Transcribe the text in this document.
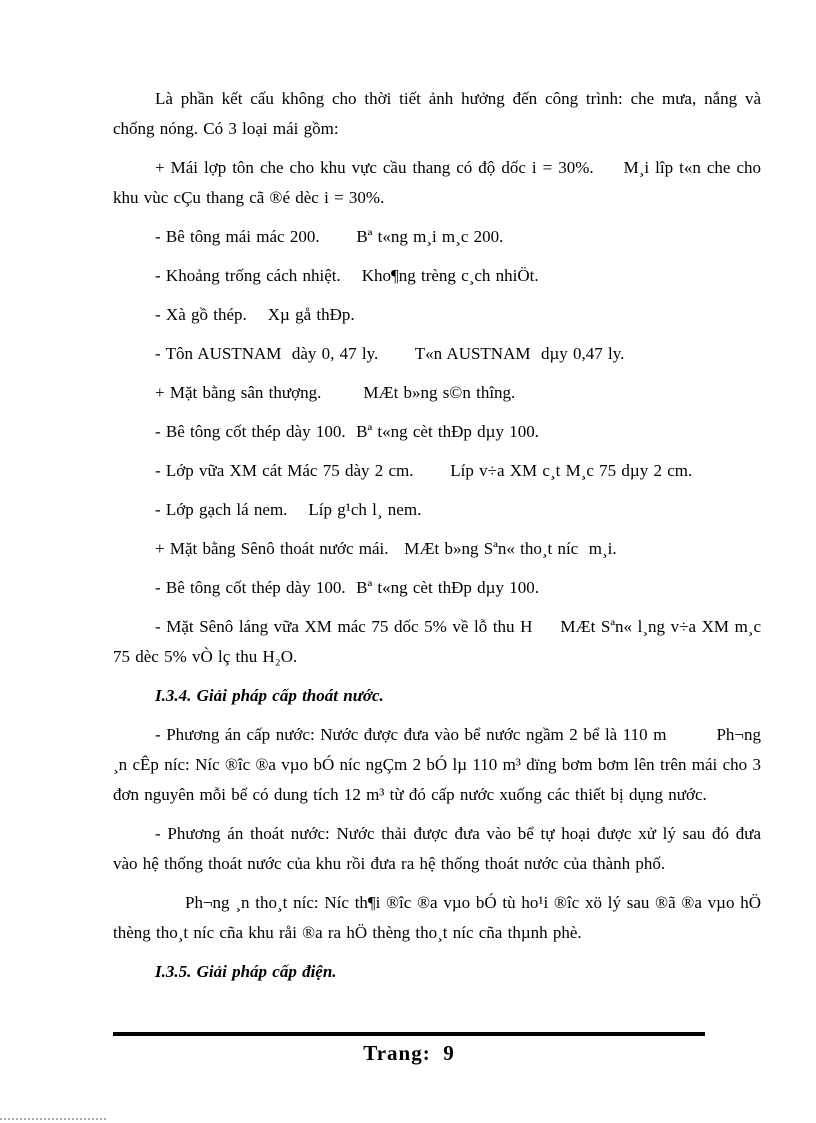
Là phần kết cấu không cho thời tiết ảnh hưởng đến công trình: che mưa, nắng và chống nóng. Có 3 loại mái gồm:

+ Mái lợp tôn che cho khu vực cầu thang có độ dốc i = 30%.     M¸i lîp t«n che cho khu vùc cÇu thang cã ®é dèc i = 30%.

- Bê tông mái mác 200.       Bª t«ng m¸i m¸c 200.

- Khoảng trống cách nhiệt.    Kho¶ng trèng c¸ch nhiÖt.

- Xà gồ thép.    Xµ gå thÐp.

- Tôn AUSTNAM  dày 0, 47 ly.       T«n AUSTNAM  dµy 0,47 ly.

+ Mặt bằng sân thượng.        MÆt b»ng s©n thîng.

- Bê tông cốt thép dày 100.  Bª t«ng cèt thÐp dµy 100.

- Lớp vữa XM cát Mác 75 dày 2 cm.       Líp v÷a XM c¸t M¸c 75 dµy 2 cm.

- Lớp gạch lá nem.    Líp g¹ch l¸ nem.

+ Mặt bằng Sênô thoát nước mái.   MÆt b»ng Sªn« tho¸t níc  m¸i.

- Bê tông cốt thép dày 100.  Bª t«ng cèt thÐp dµy 100.

- Mặt Sênô láng vữa XM mác 75 dốc 5% về lỗ thu H     MÆt Sªn« l¸ng v÷a XM m¸c 75 dèc 5% vÒ lç thu H₂O.

I.3.4. Giải pháp cấp thoát nước.

- Phương án cấp nước: Nước được đưa vào bể nước ngầm 2 bể là 110 m         Ph¬ng ¸n cÊp níc: Níc ®îc ®a vµo bÓ níc ngÇm 2 bÓ lµ 110 m³ dïng bơm bơm lên trên mái cho 3 đơn nguyên mỗi bể có dung tích 12 m³ từ đó cấp nước xuống các thiết bị dụng nước.

- Phương án thoát nước: Nước thải được đưa vào bể tự hoại được xử lý sau đó đưa vào hệ thống thoát nước của khu rồi đưa ra hệ thống thoát nước của thành phố.

Ph¬ng ¸n tho¸t níc: Níc th¶i ®îc ®a vµo bÓ tù ho¹i ®îc xö lý sau ®ã ®a vµo hÖ thèng tho¸t níc cña khu råi ®a ra hÖ thèng tho¸t níc cña thµnh phè.

I.3.5. Giải pháp cấp điện.

Trang:  9
